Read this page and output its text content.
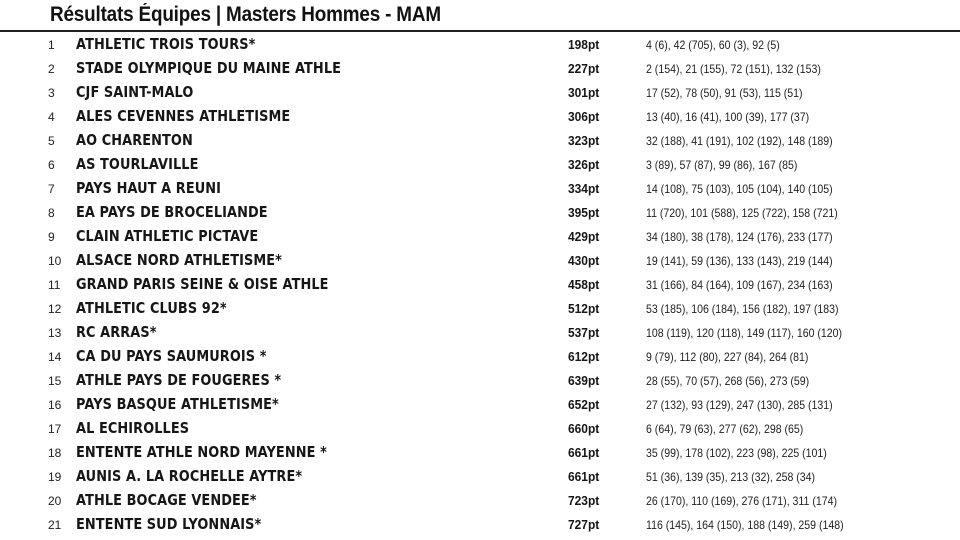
Résultats Équipes | Masters Hommes - MAM
1	ATHLETIC TROIS TOURS*	198pt	4 (6), 42 (705), 60 (3), 92 (5)
2	STADE OLYMPIQUE DU MAINE ATHLE	227pt	2 (154), 21 (155), 72 (151), 132 (153)
3	CJF SAINT-MALO	301pt	17 (52), 78 (50), 91 (53), 115 (51)
4	ALES CEVENNES ATHLETISME	306pt	13 (40), 16 (41), 100 (39), 177 (37)
5	AO CHARENTON	323pt	32 (188), 41 (191), 102 (192), 148 (189)
6	AS TOURLAVILLE	326pt	3 (89), 57 (87), 99 (86), 167 (85)
7	PAYS HAUT A REUNI	334pt	14 (108), 75 (103), 105 (104), 140 (105)
8	EA PAYS DE BROCELIANDE	395pt	11 (720), 101 (588), 125 (722), 158 (721)
9	CLAIN ATHLETIC PICTAVE	429pt	34 (180), 38 (178), 124 (176), 233 (177)
10 ALSACE NORD ATHLETISME*	430pt	19 (141), 59 (136), 133 (143), 219 (144)
11	GRAND PARIS SEINE & OISE ATHLE	458pt	31 (166), 84 (164), 109 (167), 234 (163)
12 ATHLETIC CLUBS 92*	512pt	53 (185), 106 (184), 156 (182), 197 (183)
13 RC ARRAS*	537pt	108 (119), 120 (118), 149 (117), 160 (120)
14 CA DU PAYS SAUMUROIS *	612pt	9 (79), 112 (80), 227 (84), 264 (81)
15 ATHLE PAYS DE FOUGERES *	639pt	28 (55), 70 (57), 268 (56), 273 (59)
16 PAYS BASQUE ATHLETISME*	652pt	27 (132), 93 (129), 247 (130), 285 (131)
17 AL ECHIROLLES	660pt	6 (64), 79 (63), 277 (62), 298 (65)
18 ENTENTE ATHLE NORD MAYENNE *	661pt	35 (99), 178 (102), 223 (98), 225 (101)
19 AUNIS A. LA ROCHELLE AYTRE*	661pt	51 (36), 139 (35), 213 (32), 258 (34)
20 ATHLE BOCAGE VENDEE*	723pt	26 (170), 110 (169), 276 (171), 311 (174)
21 ENTENTE SUD LYONNAIS*	727pt	116 (145), 164 (150), 188 (149), 259 (148)
